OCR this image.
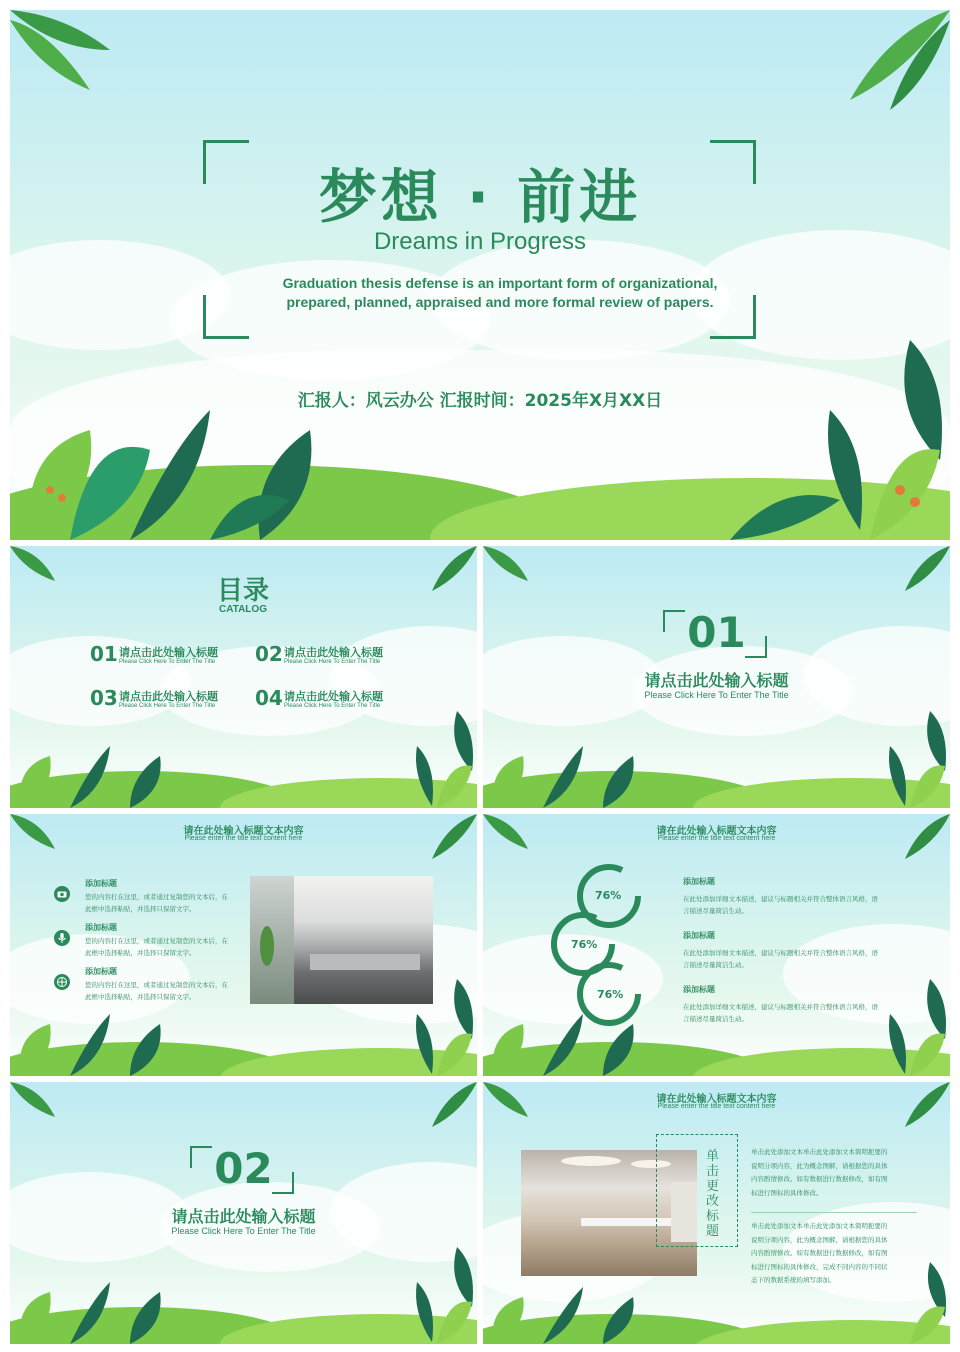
梦想 · 前进
Dreams in Progress
Graduation thesis defense is an important form of organizational, prepared, planned, appraised and more formal review of papers.
汇报人：风云办公 汇报时间：2025年X月XX日
目录
CATALOG
01 请点击此处输入标题
Please Click Here To Enter The Title 02 请点击此处输入标题
Please Click Here To Enter The Title
03 请点击此处输入标题
Please Click Here To Enter The Title 04 请点击此处输入标题
Please Click Here To Enter The Title
01
请点击此处输入标题
Please Click Here To Enter The Title
请在此处输入标题文本内容
Please enter the title text content here
添加标题
您的内容打在这里，或者通过复制您的文本后，在
此框中选择粘贴，并选择只保留文字。
添加标题
您的内容打在这里，或者通过复制您的文本后，在
此框中选择粘贴，并选择只保留文字。
添加标题
您的内容打在这里，或者通过复制您的文本后，在
此框中选择粘贴，并选择只保留文字。
请在此处输入标题文本内容
Please enter the title text content here
76%
76%
76%
添加标题
在此处添加详细文本描述，建议与标题相关并符合整体语言风格，语
言描述尽量简洁生动。
添加标题
在此处添加详细文本描述，建议与标题相关并符合整体语言风格，语
言描述尽量简洁生动。
添加标题
在此处添加详细文本描述，建议与标题相关并符合整体语言风格，语
言描述尽量简洁生动。
02
请点击此处输入标题
Please Click Here To Enter The Title
请在此处输入标题文本内容
Please enter the title text content here
单击更改标题
单击此处添加文本单击此处添加文本简明扼要的
说明分项内容，此为概念图解，请根据您的具体
内容酌情修改。如有数据进行数据修改，如有图
标进行图标的具体修改。
单击此处添加文本单击此处添加文本简明扼要的
说明分项内容，此为概念图解，请根据您的具体
内容酌情修改。如有数据进行数据修改，如有图
标进行图标的具体修改，完成不同内容的不同状
态下的数据系统的填写添加。
